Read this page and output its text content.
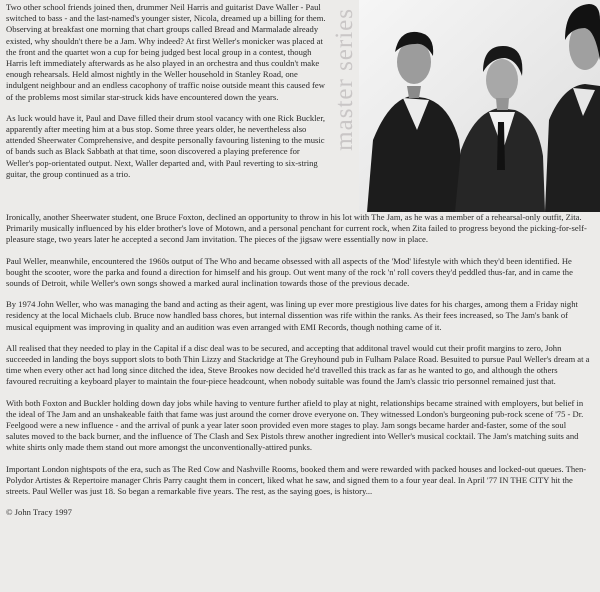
Two other school friends joined then, drummer Neil Harris and guitarist Dave Waller - Paul switched to bass - and the last-named's younger sister, Nicola, dreamed up a billing for them. Observing at breakfast one morning that chart groups called Bread and Marmalade already existed, why shouldn't there be a Jam. Why indeed? At first Weller's monicker was placed at the front and the quartet won a cup for being judged best local group in a contest, though Harris left immediately afterwards as he also played in an orchestra and thus couldn't make enough rehearsals. Held almost nightly in the Weller household in Stanley Road, one indulgent neighbour and an endless cacophony of traffic noise outside meant this caused few of the problems most similar star-struck kids have encountered down the years.

As luck would have it, Paul and Dave filled their drum stool vacancy with one Rick Buckler, apparently after meeting him at a bus stop. Some three years older, he nevertheless also attended Sheerwater Comprehensive, and despite personally favouring listening to the music of bands such as Black Sabbath at that time, soon discovered a playing preference for Weller's pop-orientated output. Next, Waller departed and, with Paul reverting to six-string guitar, the group continued as a trio.

master series

Ironically, another Sheerwater student, one Bruce Foxton, declined an opportunity to throw in his lot with The Jam, as he was a member of a rehearsal-only outfit, Zita. Primarily musically influenced by his elder brother's love of Motown, and a personal penchant for current rock, when Zita failed to progress beyond the picking-for-self-pleasure stage, two years later he accepted a second Jam invitation. The pieces of the jigsaw were essentially now in place.

Paul Weller, meanwhile, encountered the 1960s output of The Who and became obsessed with all aspects of the 'Mod' lifestyle with which they'd been identified. He bought the scooter, wore the parka and found a direction for himself and his group. Out went many of the rock 'n' roll covers they'd peddled thus-far, and in came the sounds of Detroit, while Weller's own songs showed a marked aural inclination towards those of the previous decade.

By 1974 John Weller, who was managing the band and acting as their agent, was lining up ever more prestigious live dates for his charges, among them a Friday night residency at the local Michaels club. Bruce now handled bass chores, but internal dissention was rife within the ranks. As their fees increased, so The Jam's bank of musical equipment was improving in quality and an audition was even arranged with EMI Records, though nothing came of it.

All realised that they needed to play in the Capital if a disc deal was to be secured, and accepting that additonal travel would cut their profit margins to zero, John succeeded in landing the boys support slots to both Thin Lizzy and Stackridge at The Greyhound pub in Fulham Palace Road. Besuited to pursue Paul Weller's dream at a time when every other act had long since ditched the idea, Steve Brookes now decided he'd travelled this track as far as he wanted to go, and although the others favoured recruiting a keyboard player to maintain the four-piece headcount, when nobody suitable was found the Jam's classic trio personnel remained just that.

With both Foxton and Buckler holding down day jobs while having to venture further afield to play at night, relationships became strained with employers, but belief in the ideal of The Jam and an unshakeable faith that fame was just around the corner drove everyone on. They witnessed London's burgeoning pub-rock scene of '75 - Dr. Feelgood were a new influence - and the arrival of punk a year later soon provided even more stages to play. Jam songs became harder and-faster, some of the soul salutes moved to the back burner, and the influence of The Clash and Sex Pistols threw another ingredient into Weller's musical cocktail. The Jam's matching suits and white shirts only made them stand out more amongst the unconventionally-attired punks.

Important London nightspots of the era, such as The Red Cow and Nashville Rooms, booked them and were rewarded with packed houses and locked-out queues. Then- Polydor Artistes & Repertoire manager Chris Parry caught them in concert, liked what he saw, and signed them to a four year deal. In April '77 IN THE CITY hit the streets. Paul Weller was just 18. So began a remarkable five years. The rest, as the saying goes, is history...

© John Tracy 1997
